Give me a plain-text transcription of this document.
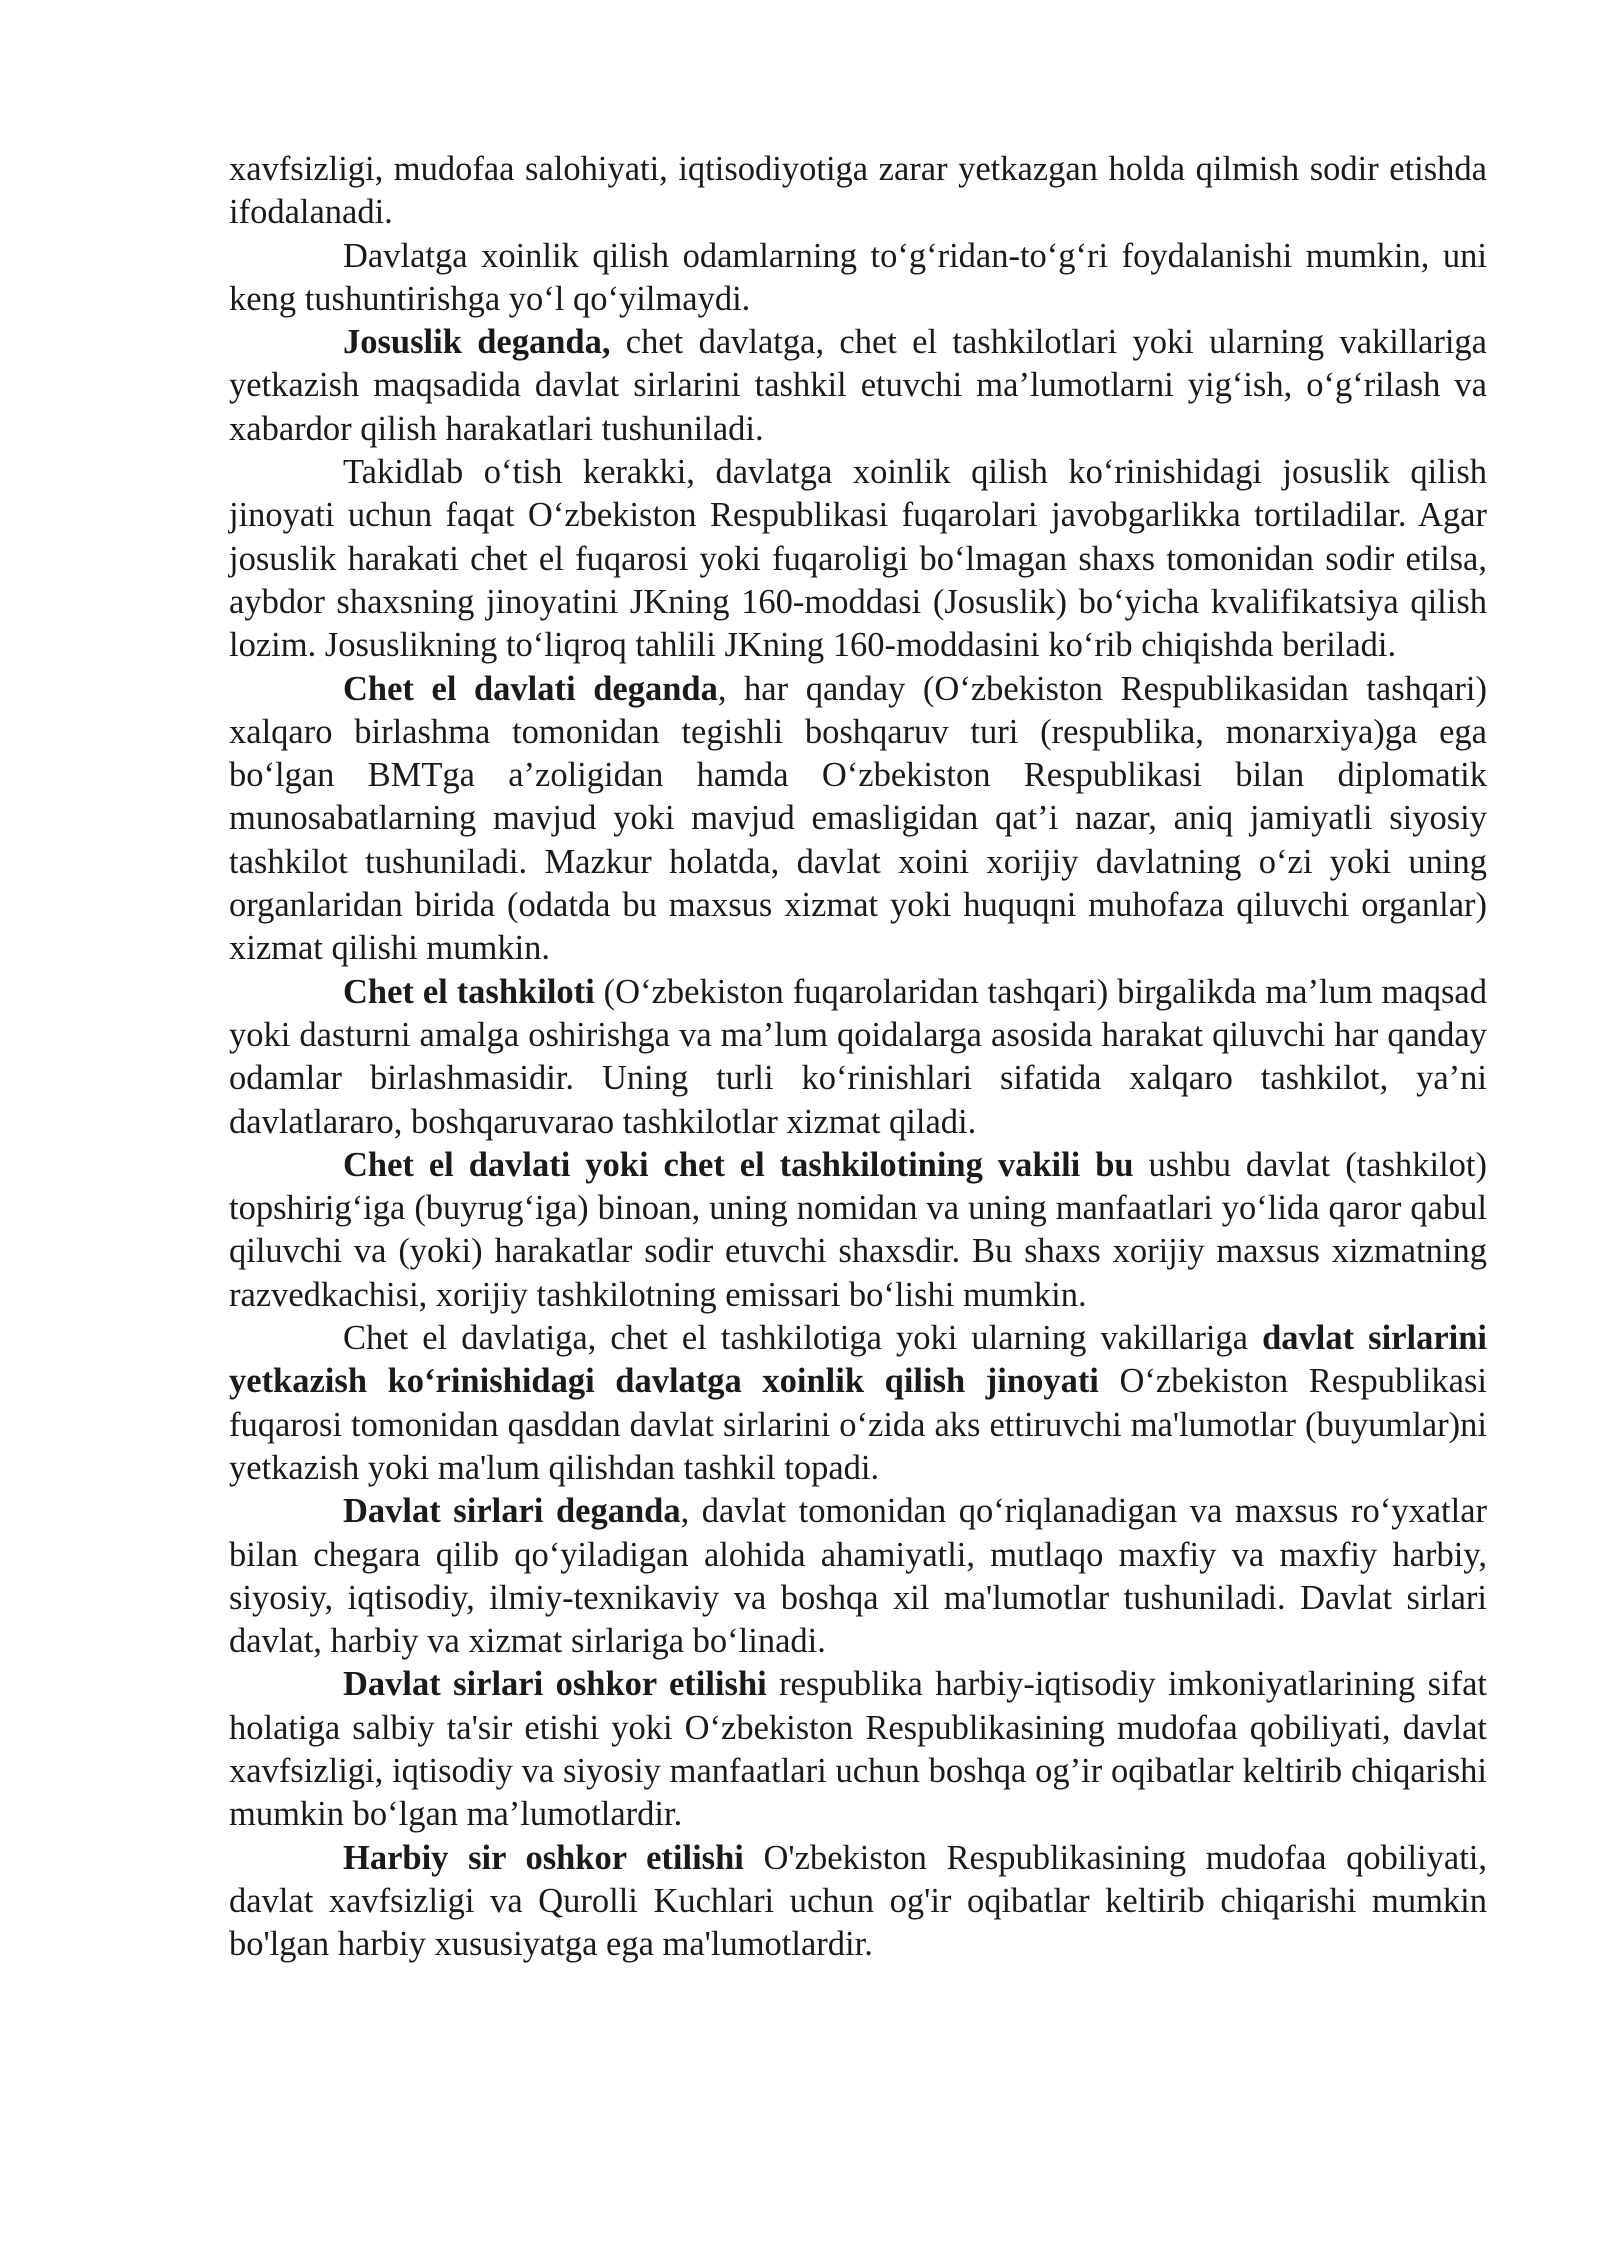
xavfsizligi, mudofaa salohiyati, iqtisodiyotiga zarar yetkazgan holda qilmish sodir etishda ifodalanadi.

Davlatga xoinlik qilish odamlarning to‘g‘ridan-to‘g‘ri foydalanishi mumkin, uni keng tushuntirishga yo‘l qo‘yilmaydi.

Josuslik deganda, chet davlatga, chet el tashkilotlari yoki ularning vakillariga yetkazish maqsadida davlat sirlarini tashkil etuvchi ma’lumotlarni yig‘ish, o‘g‘rilash va xabardor qilish harakatlari tushuniladi.

Takidlab o‘tish kerakki, davlatga xoinlik qilish ko‘rinishidagi josuslik qilish jinoyati uchun faqat O‘zbekiston Respublikasi fuqarolari javobgarlikka tortiladilar. Agar josuslik harakati chet el fuqarosi yoki fuqaroligi bo‘lmagan shaxs tomonidan sodir etilsa, aybdor shaxsning jinoyatini JKning 160-moddasi (Josuslik) bo‘yicha kvalifikatsiya qilish lozim. Josuslikning to‘liqroq tahlili JKning 160-moddasini ko‘rib chiqishda beriladi.

Chet el davlati deganda, har qanday (O‘zbekiston Respublikasidan tashqari) xalqaro birlashma tomonidan tegishli boshqaruv turi (respublika, monarxiya)ga ega bo‘lgan BMTga a’zoligidan hamda O‘zbekiston Respublikasi bilan diplomatik munosabatlarning mavjud yoki mavjud emasligidan qat’i nazar, aniq jamiyatli siyosiy tashkilot tushuniladi. Mazkur holatda, davlat xoini xorijiy davlatning o‘zi yoki uning organlaridan birida (odatda bu maxsus xizmat yoki huquqni muhofaza qiluvchi organlar) xizmat qilishi mumkin.

Chet el tashkiloti (O‘zbekiston fuqarolaridan tashqari) birgalikda ma’lum maqsad yoki dasturni amalga oshirishga va ma’lum qoidalarga asosida harakat qiluvchi har qanday odamlar birlashmasidir. Uning turli ko‘rinishlari sifatida xalqaro tashkilot, ya’ni davlatlararo, boshqaruvarao tashkilotlar xizmat qiladi.

Chet el davlati yoki chet el tashkilotining vakili bu ushbu davlat (tashkilot) topshirig‘iga (buyrug‘iga) binoan, uning nomidan va uning manfaatlari yo‘lida qaror qabul qiluvchi va (yoki) harakatlar sodir etuvchi shaxsdir. Bu shaxs xorijiy maxsus xizmatning razvedkachisi, xorijiy tashkilotning emissari bo‘lishi mumkin.

Chet el davlatiga, chet el tashkilotiga yoki ularning vakillariga davlat sirlarini yetkazish ko‘rinishidagi davlatga xoinlik qilish jinoyati O‘zbekiston Respublikasi fuqarosi tomonidan qasddan davlat sirlarini o‘zida aks ettiruvchi ma'lumotlar (buyumlar)ni yetkazish yoki ma'lum qilishdan tashkil topadi.

Davlat sirlari deganda, davlat tomonidan qo‘riqlanadigan va maxsus ro‘yxatlar bilan chegara qilib qo‘yiladigan alohida ahamiyatli, mutlaqo maxfiy va maxfiy harbiy, siyosiy, iqtisodiy, ilmiy-texnikaviy va boshqa xil ma'lumotlar tushuniladi. Davlat sirlari davlat, harbiy va xizmat sirlariga bo‘linadi.

Davlat sirlari oshkor etilishi respublika harbiy-iqtisodiy imkoniyatlarining sifat holatiga salbiy ta'sir etishi yoki O‘zbekiston Respublikasining mudofaa qobiliyati, davlat xavfsizligi, iqtisodiy va siyosiy manfaatlari uchun boshqa og’ir oqibatlar keltirib chiqarishi mumkin bo‘lgan ma’lumotlardir.

Harbiy sir oshkor etilishi O'zbekiston Respublikasining mudofaa qobiliyati, davlat xavfsizligi va Qurolli Kuchlari uchun og'ir oqibatlar keltirib chiqarishi mumkin bo'lgan harbiy xususiyatga ega ma'lumotlardir.
